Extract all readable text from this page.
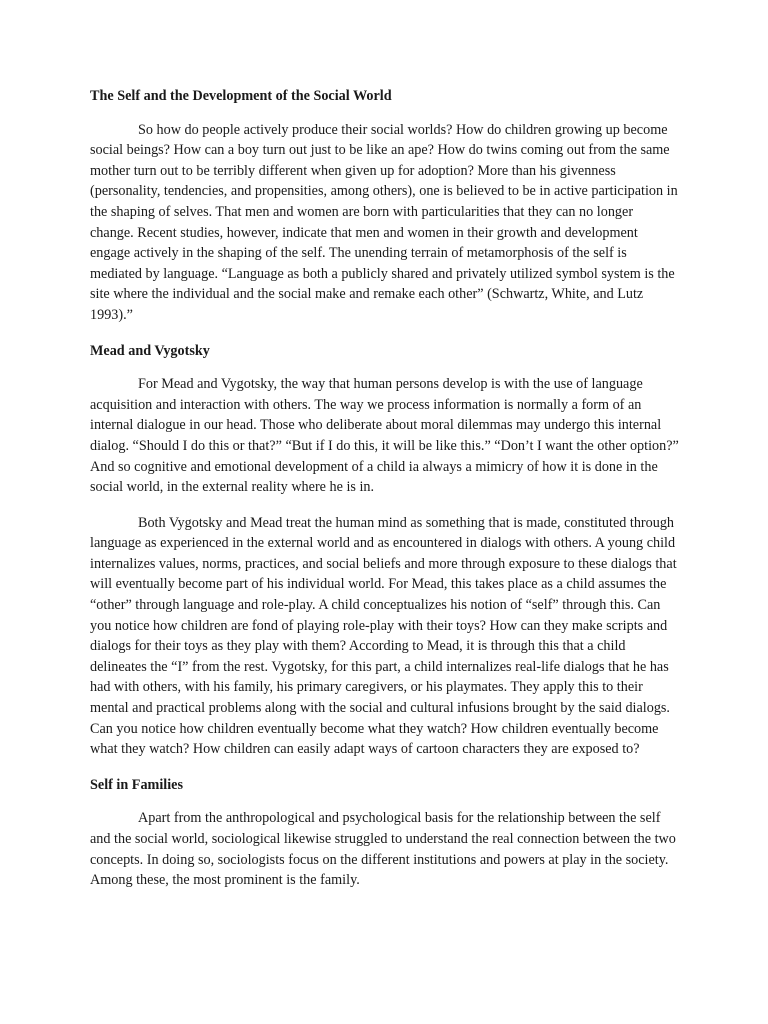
The Self and the Development of the Social World

So how do people actively produce their social worlds? How do children growing up become social beings? How can a boy turn out just to be like an ape? How do twins coming out from the same mother turn out to be terribly different when given up for adoption? More than his givenness (personality, tendencies, and propensities, among others), one is believed to be in active participation in the shaping of selves. That men and women are born with particularities that they can no longer change. Recent studies, however, indicate that men and women in their growth and development engage actively in the shaping of the self. The unending terrain of metamorphosis of the self is mediated by language. “Language as both a publicly shared and privately utilized symbol system is the site where the individual and the social make and remake each other” (Schwartz, White, and Lutz 1993).”

Mead and Vygotsky

For Mead and Vygotsky, the way that human persons develop is with the use of language acquisition and interaction with others. The way we process information is normally a form of an internal dialogue in our head. Those who deliberate about moral dilemmas may undergo this internal dialog. “Should I do this or that?” “But if I do this, it will be like this.” “Don’t I want the other option?” And so cognitive and emotional development of a child ia always a mimicry of how it is done in the social world, in the external reality where he is in.

Both Vygotsky and Mead treat the human mind as something that is made, constituted through language as experienced in the external world and as encountered in dialogs with others. A young child internalizes values, norms, practices, and social beliefs and more through exposure to these dialogs that will eventually become part of his individual world. For Mead, this takes place as a child assumes the “other” through language and role-play. A child conceptualizes his notion of “self” through this. Can you notice how children are fond of playing role-play with their toys? How can they make scripts and dialogs for their toys as they play with them? According to Mead, it is through this that a child delineates the “I” from the rest. Vygotsky, for this part, a child internalizes real-life dialogs that he has had with others, with his family, his primary caregivers, or his playmates. They apply this to their mental and practical problems along with the social and cultural infusions brought by the said dialogs. Can you notice how children eventually become what they watch? How children eventually become what they watch? How children can easily adapt ways of cartoon characters they are exposed to?

Self in Families

Apart from the anthropological and psychological basis for the relationship between the self and the social world, sociological likewise struggled to understand the real connection between the two concepts. In doing so, sociologists focus on the different institutions and powers at play in the society. Among these, the most prominent is the family.
